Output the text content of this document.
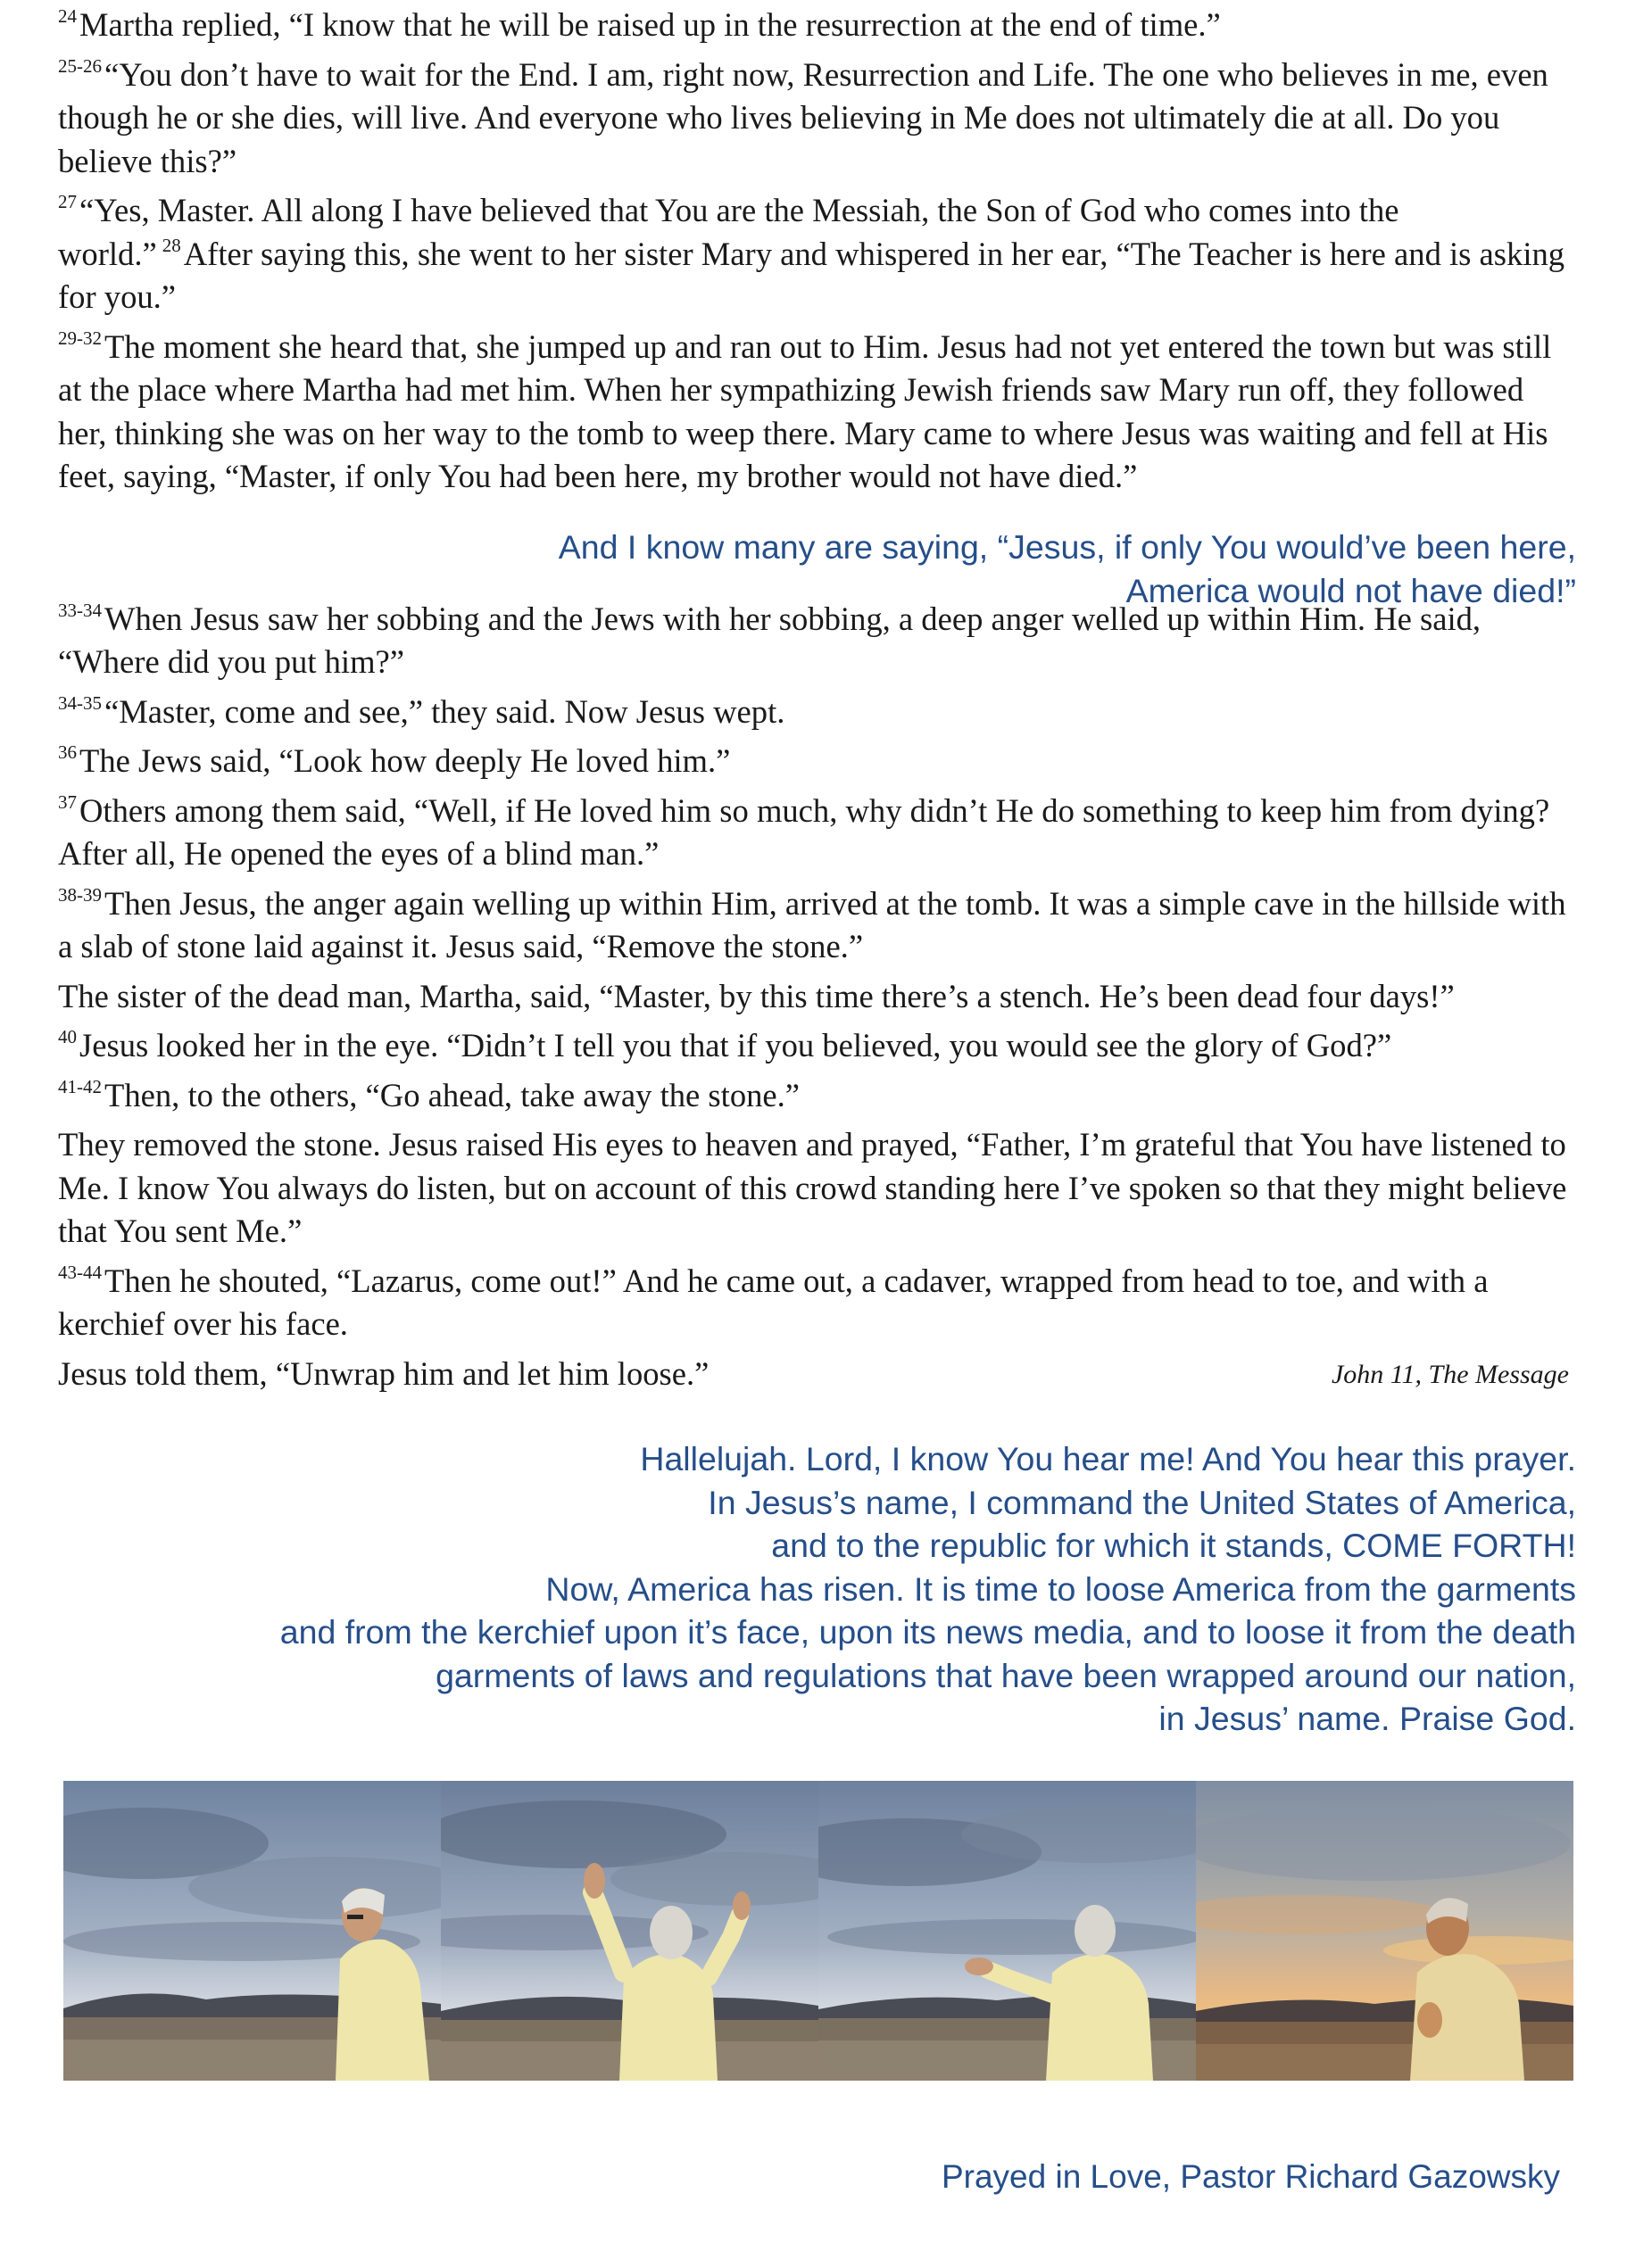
$^{24}$Martha replied, “I know that he will be raised up in the resurrection at the end of time.”

$^{25-26}$“You don’t have to wait for the End. I am, right now, Resurrection and Life. The one who believes in me, even though he or she dies, will live. And everyone who lives believing in Me does not ultimately die at all. Do you believe this?”

$^{27}$“Yes, Master. All along I have believed that You are the Messiah, the Son of God who comes into the world.” $^{28}$After saying this, she went to her sister Mary and whispered in her ear, “The Teacher is here and is asking for you.”

$^{29-32}$The moment she heard that, she jumped up and ran out to Him. Jesus had not yet entered the town but was still at the place where Martha had met him. When her sympathizing Jewish friends saw Mary run off, they followed her, thinking she was on her way to the tomb to weep there. Mary came to where Jesus was waiting and fell at His feet, saying, “Master, if only You had been here, my brother would not have died.”

$^{33-34}$When Jesus saw her sobbing and the Jews with her sobbing, a deep anger welled up within Him. He said, “Where did you put him?”

$^{34-35}$“Master, come and see,” they said. Now Jesus wept.

$^{36}$The Jews said, “Look how deeply He loved him.”

$^{37}$Others among them said, “Well, if He loved him so much, why didn’t He do something to keep him from dying? After all, He opened the eyes of a blind man.”

$^{38-39}$Then Jesus, the anger again welling up within Him, arrived at the tomb. It was a simple cave in the hillside with a slab of stone laid against it. Jesus said, “Remove the stone.”

The sister of the dead man, Martha, said, “Master, by this time there’s a stench. He’s been dead four days!”

$^{40}$Jesus looked her in the eye. “Didn’t I tell you that if you believed, you would see the glory of God?”

$^{41-42}$Then, to the others, “Go ahead, take away the stone.”

They removed the stone. Jesus raised His eyes to heaven and prayed, “Father, I’m grateful that You have listened to Me. I know You always do listen, but on account of this crowd standing here I’ve spoken so that they might believe that You sent Me.”

$^{43-44}$Then he shouted, “Lazarus, come out!” And he came out, a cadaver, wrapped from head to toe, and with a kerchief over his face.

Jesus told them, “Unwrap him and let him loose.”	John 11, The Message

And I know many are saying, “Jesus, if only You would’ve been here,
America would not have died!”
Hallelujah. Lord, I know You hear me! And You hear this prayer.
In Jesus’s name, I command the United States of America,
and to the republic for which it stands, COME FORTH!
Now, America has risen. It is time to loose America from the garments
and from the kerchief upon it’s face, upon its news media, and to loose it from the death
garments of laws and regulations that have been wrapped around our nation,
in Jesus’ name. Praise God.
Prayed in Love, Pastor Richard Gazowsky
